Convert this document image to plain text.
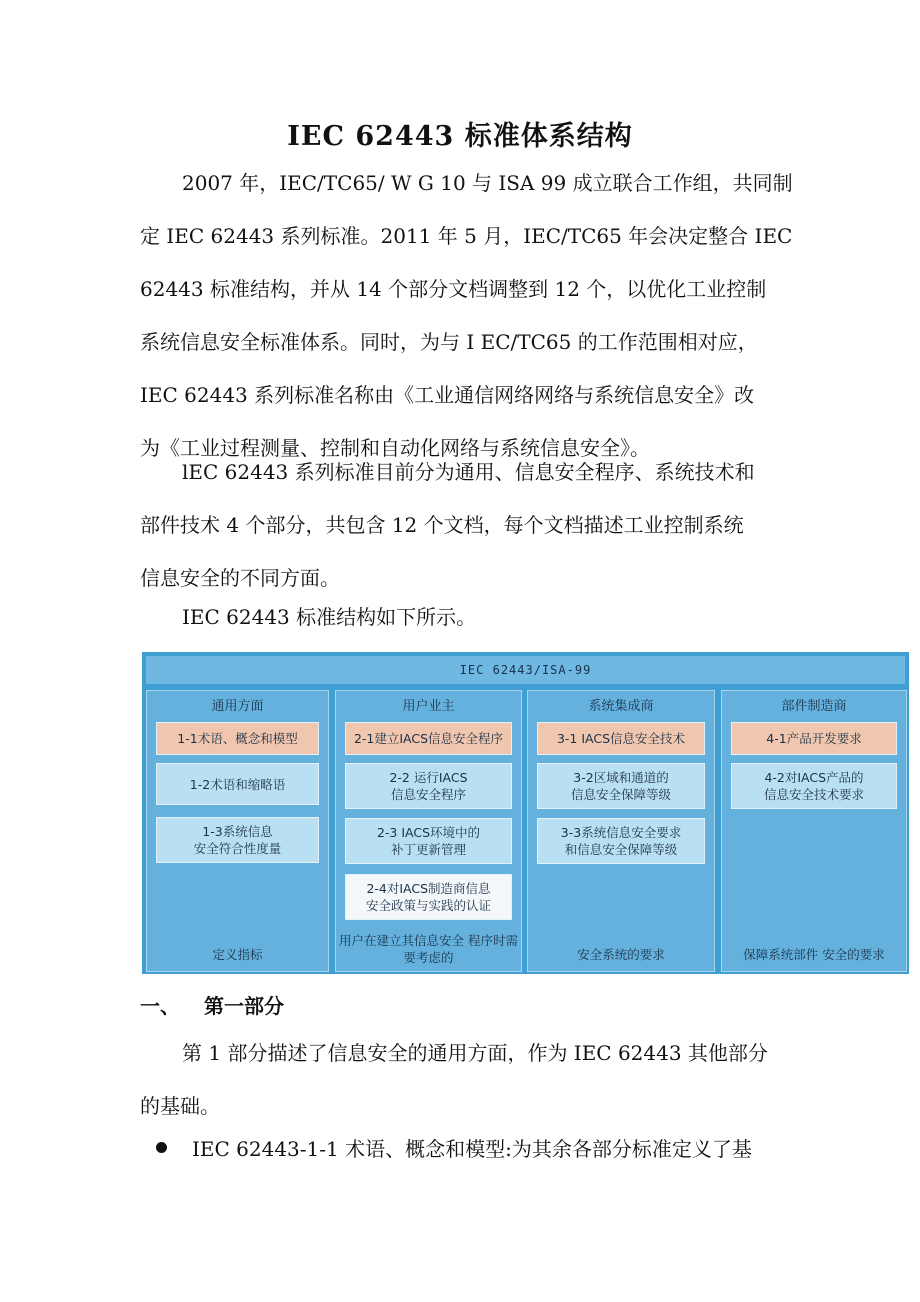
IEC 62443 标准体系结构
2007 年，IEC/TC65/ W G 10 与 ISA 99 成立联合工作组，共同制
定 IEC 62443 系列标准。2011 年 5 月，IEC/TC65 年会决定整合 IEC
62443 标准结构，并从 14 个部分文档调整到 12 个，以优化工业控制
系统信息安全标准体系。同时，为与 I EC/TC65 的工作范围相对应，
IEC 62443 系列标准名称由《工业通信网络网络与系统信息安全》改
为《工业过程测量、控制和自动化网络与系统信息安全》。
lEC 62443 系列标准目前分为通用、信息安全程序、系统技术和
部件技术 4 个部分，共包含 12 个文档，每个文档描述工业控制系统
信息安全的不同方面。
IEC 62443 标准结构如下所示。
IEC 62443/ISA-99
通用方面
1-1术语、概念和模型
1-2术语和缩略语
1-3系统信息
安全符合性度量
定义指标
用户业主
2-1建立IACS信息安全程序
2-2 运行IACS
信息安全程序
2-3 IACS环境中的
补丁更新管理
2-4对IACS制造商信息
安全政策与实践的认证
用户在建立其信息安全 程序时需要考虑的
系统集成商
3-1 IACS信息安全技术
3-2区域和通道的
信息安全保障等级
3-3系统信息安全要求
和信息安全保障等级
安全系统的要求
部件制造商
4-1产品开发要求
4-2对IACS产品的
信息安全技术要求
保障系统部件 安全的要求
一、 第一部分
第 1 部分描述了信息安全的通用方面，作为 IEC 62443 其他部分
的基础。
IEC 62443-1-1 术语、概念和模型:为其余各部分标准定义了基
